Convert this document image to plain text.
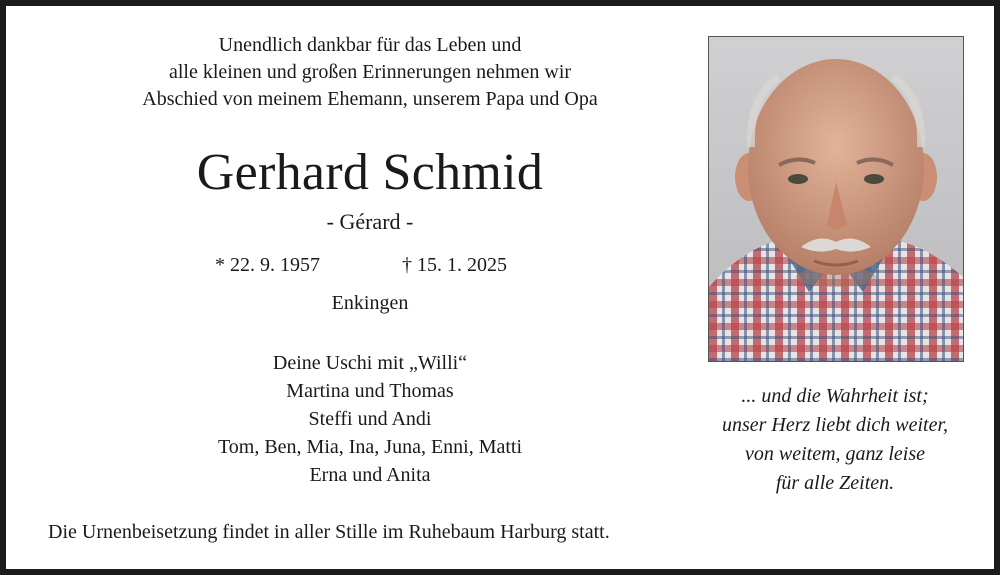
Unendlich dankbar für das Leben und
alle kleinen und großen Erinnerungen nehmen wir
Abschied von meinem Ehemann, unserem Papa und Opa
Gerhard Schmid
- Gérard -
* 22. 9. 1957	† 15. 1. 2025
Enkingen
Deine Uschi mit „Willi“
Martina und Thomas
Steffi und Andi
Tom, Ben, Mia, Ina, Juna, Enni, Matti
Erna und Anita
Die Urnenbeisetzung findet in aller Stille im Ruhebaum Harburg statt.
... und die Wahrheit ist;
unser Herz liebt dich weiter,
von weitem, ganz leise
für alle Zeiten.
